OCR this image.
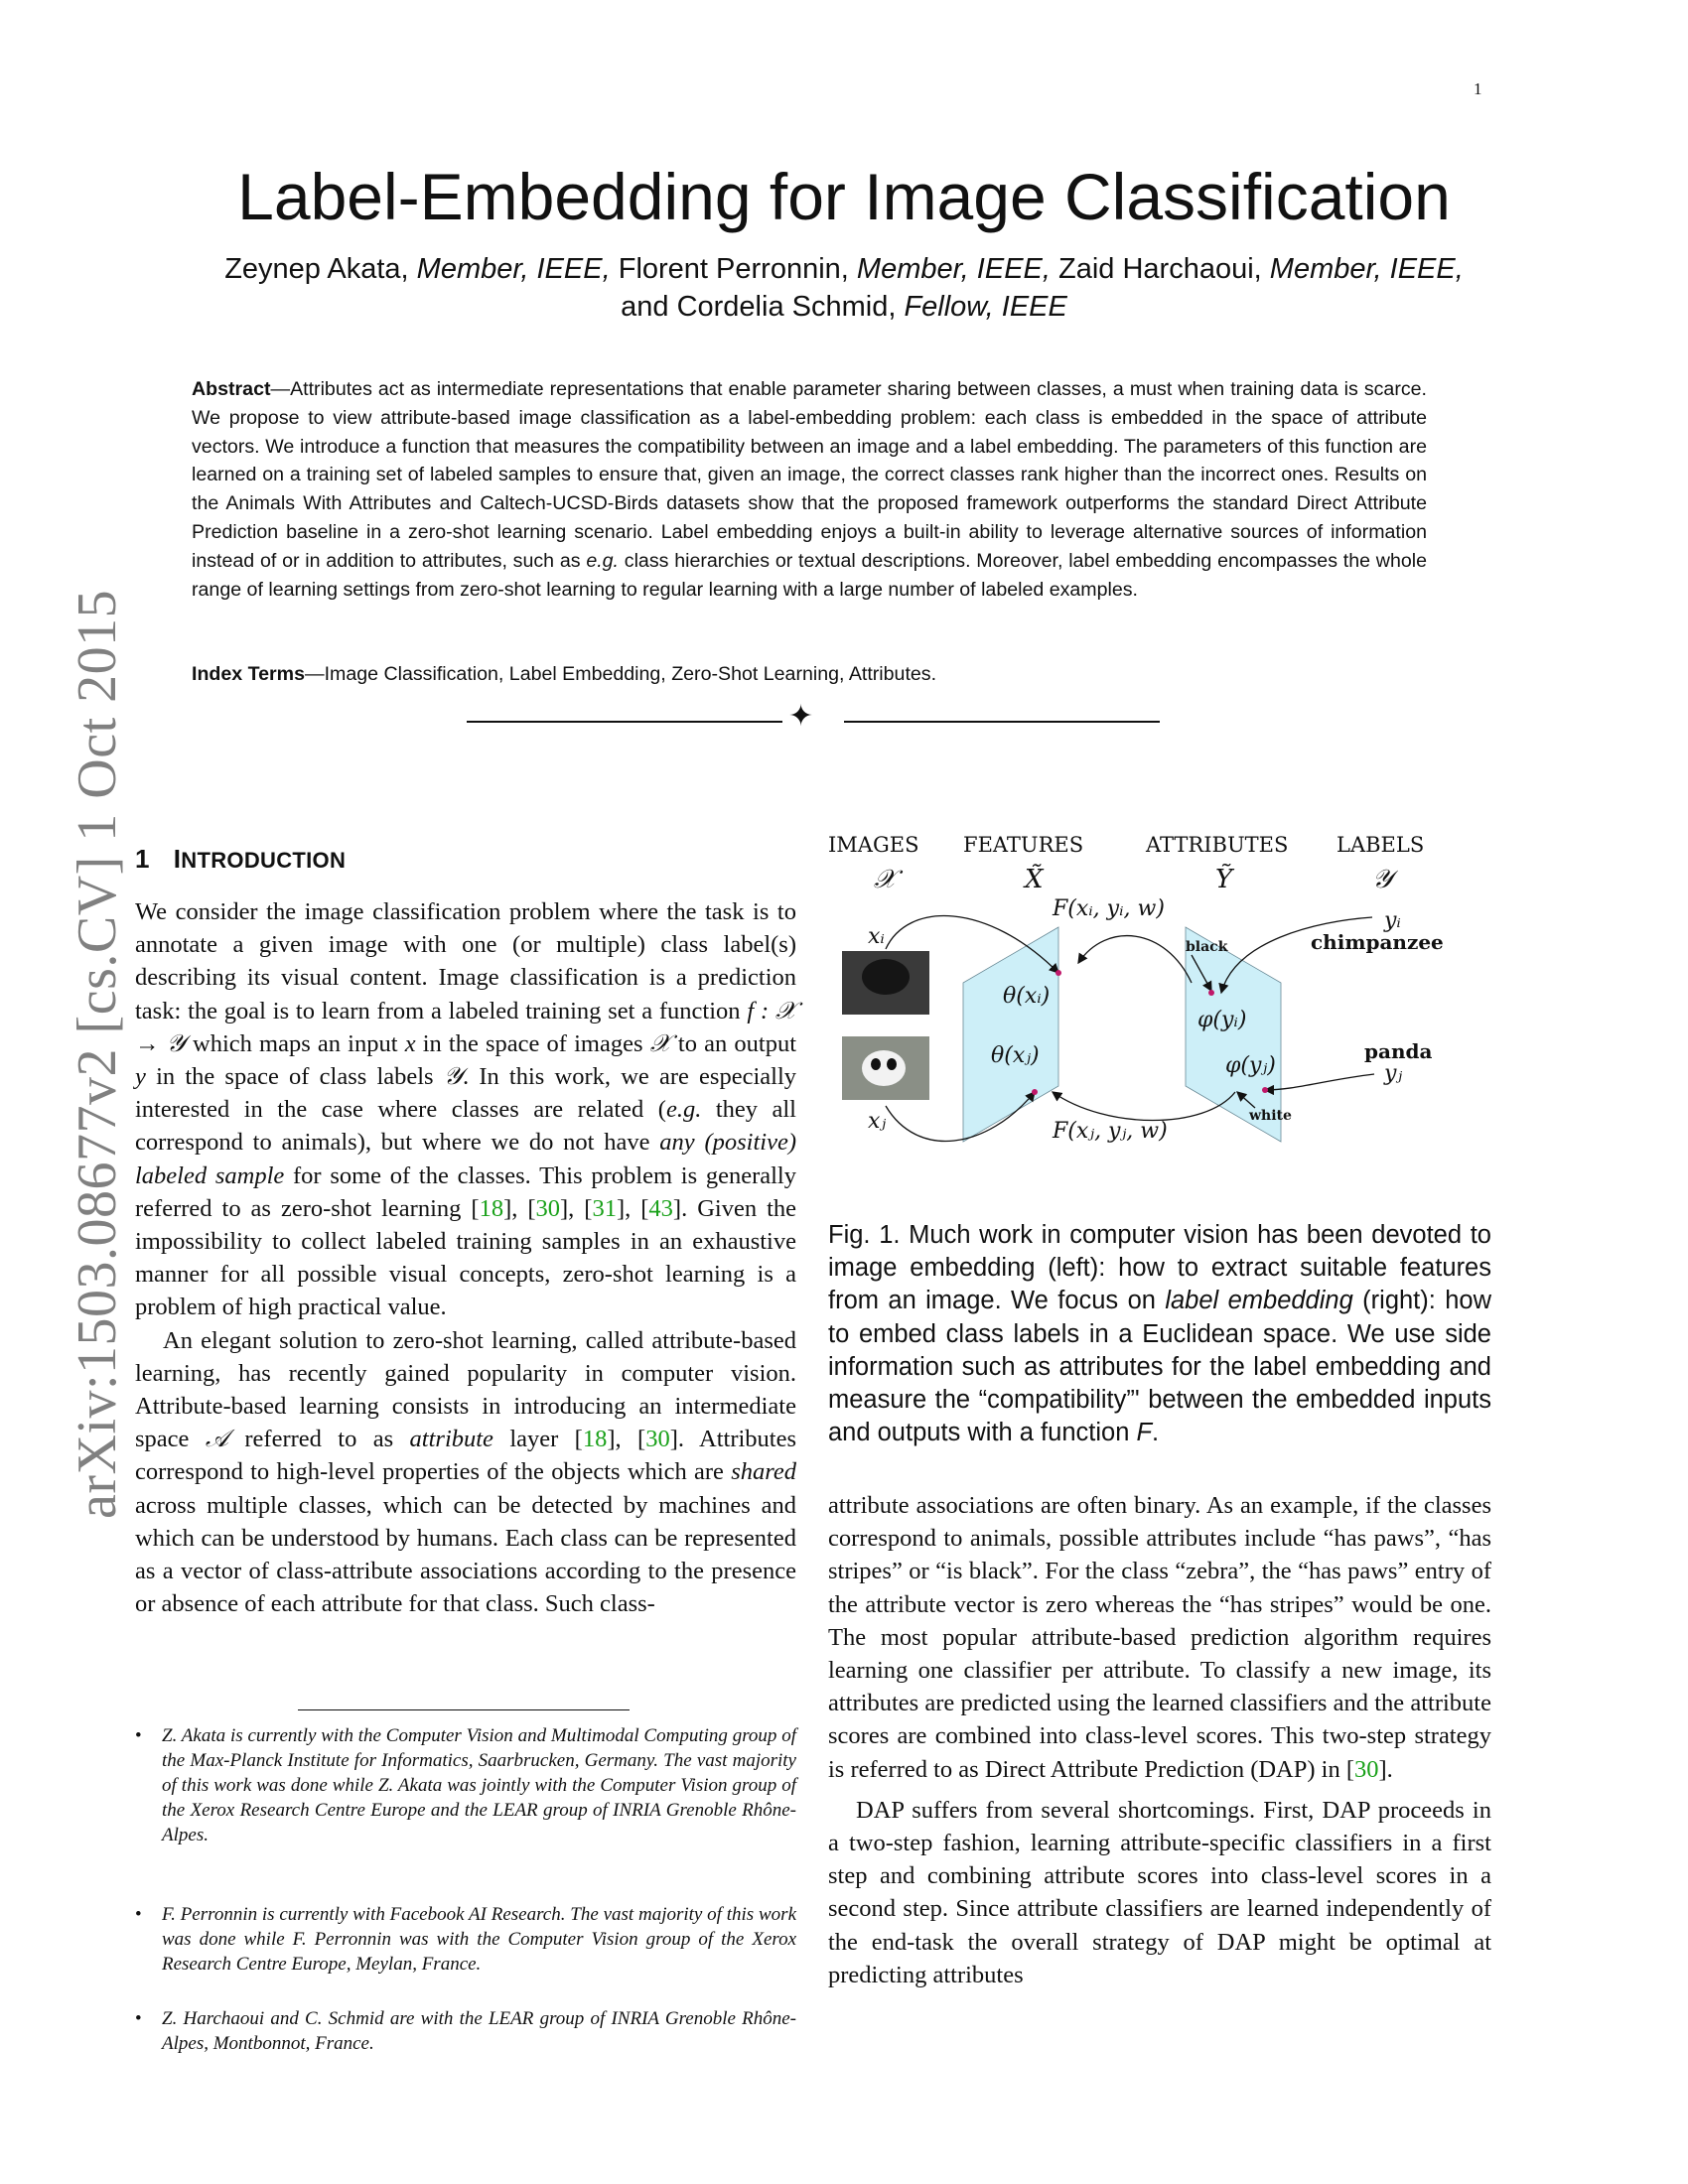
1
arXiv:1503.08677v2 [cs.CV] 1 Oct 2015
Label-Embedding for Image Classification
Zeynep Akata, Member, IEEE, Florent Perronnin, Member, IEEE, Zaid Harchaoui, Member, IEEE,
and Cordelia Schmid, Fellow, IEEE
Abstract—Attributes act as intermediate representations that enable parameter sharing between classes, a must when training data is scarce. We propose to view attribute-based image classification as a label-embedding problem: each class is embedded in the space of attribute vectors. We introduce a function that measures the compatibility between an image and a label embedding. The parameters of this function are learned on a training set of labeled samples to ensure that, given an image, the correct classes rank higher than the incorrect ones. Results on the Animals With Attributes and Caltech-UCSD-Birds datasets show that the proposed framework outperforms the standard Direct Attribute Prediction baseline in a zero-shot learning scenario. Label embedding enjoys a built-in ability to leverage alternative sources of information instead of or in addition to attributes, such as e.g. class hierarchies or textual descriptions. Moreover, label embedding encompasses the whole range of learning settings from zero-shot learning to regular learning with a large number of labeled examples.
Index Terms—Image Classification, Label Embedding, Zero-Shot Learning, Attributes.
✦
1 INTRODUCTION

We consider the image classification problem where the task is to annotate a given image with one (or multiple) class label(s) describing its visual content. Image classification is a prediction task: the goal is to learn from a labeled training set a function f : 𝒳 → 𝒴 which maps an input x in the space of images 𝒳 to an output y in the space of class labels 𝒴. In this work, we are especially interested in the case where classes are related (e.g. they all correspond to animals), but where we do not have any (positive) labeled sample for some of the classes. This problem is generally referred to as zero-shot learning [18], [30], [31], [43]. Given the impossibility to collect labeled training samples in an exhaustive manner for all possible visual concepts, zero-shot learning is a problem of high practical value.

An elegant solution to zero-shot learning, called attribute-based learning, has recently gained popularity in computer vision. Attribute-based learning consists in introducing an intermediate space 𝒜 referred to as attribute layer [18], [30]. Attributes correspond to high-level properties of the objects which are shared across multiple classes, which can be detected by machines and which can be understood by humans. Each class can be represented as a vector of class-attribute associations according to the presence or absence of each attribute for that class. Such class-

• Z. Akata is currently with the Computer Vision and Multimodal Computing group of the Max-Planck Institute for Informatics, Saarbrucken, Germany. The vast majority of this work was done while Z. Akata was jointly with the Computer Vision group of the Xerox Research Centre Europe and the LEAR group of INRIA Grenoble Rhône-Alpes.
• F. Perronnin is currently with Facebook AI Research. The vast majority of this work was done while F. Perronnin was with the Computer Vision group of the Xerox Research Centre Europe, Meylan, France.
• Z. Harchaoui and C. Schmid are with the LEAR group of INRIA Grenoble Rhône-Alpes, Montbonnot, France.
IMAGES FEATURES	ATTRIBUTES LABELS
𝒳	X̃	Ỹ	𝒴
xᵢ
xⱼ
θ(xᵢ)
θ(xⱼ)
φ(yᵢ)
φ(yⱼ)
F(xᵢ, yᵢ, w)
F(xⱼ, yⱼ, w)
yᵢ
yⱼ
chimpanzee
panda
black
white
Fig. 1. Much work in computer vision has been devoted to image embedding (left): how to extract suitable features from an image. We focus on label embedding (right): how to embed class labels in a Euclidean space. We use side information such as attributes for the label embedding and measure the “compatibility”' between the embedded inputs and outputs with a function F.

attribute associations are often binary. As an example, if the classes correspond to animals, possible attributes include “has paws”, “has stripes” or “is black”. For the class “zebra”, the “has paws” entry of the attribute vector is zero whereas the “has stripes” would be one. The most popular attribute-based prediction algorithm requires learning one classifier per attribute. To classify a new image, its attributes are predicted using the learned classifiers and the attribute scores are combined into class-level scores. This two-step strategy is referred to as Direct Attribute Prediction (DAP) in [30].

DAP suffers from several shortcomings. First, DAP proceeds in a two-step fashion, learning attribute-specific classifiers in a first step and combining attribute scores into class-level scores in a second step. Since attribute classifiers are learned independently of the end-task the overall strategy of DAP might be optimal at predicting attributes
